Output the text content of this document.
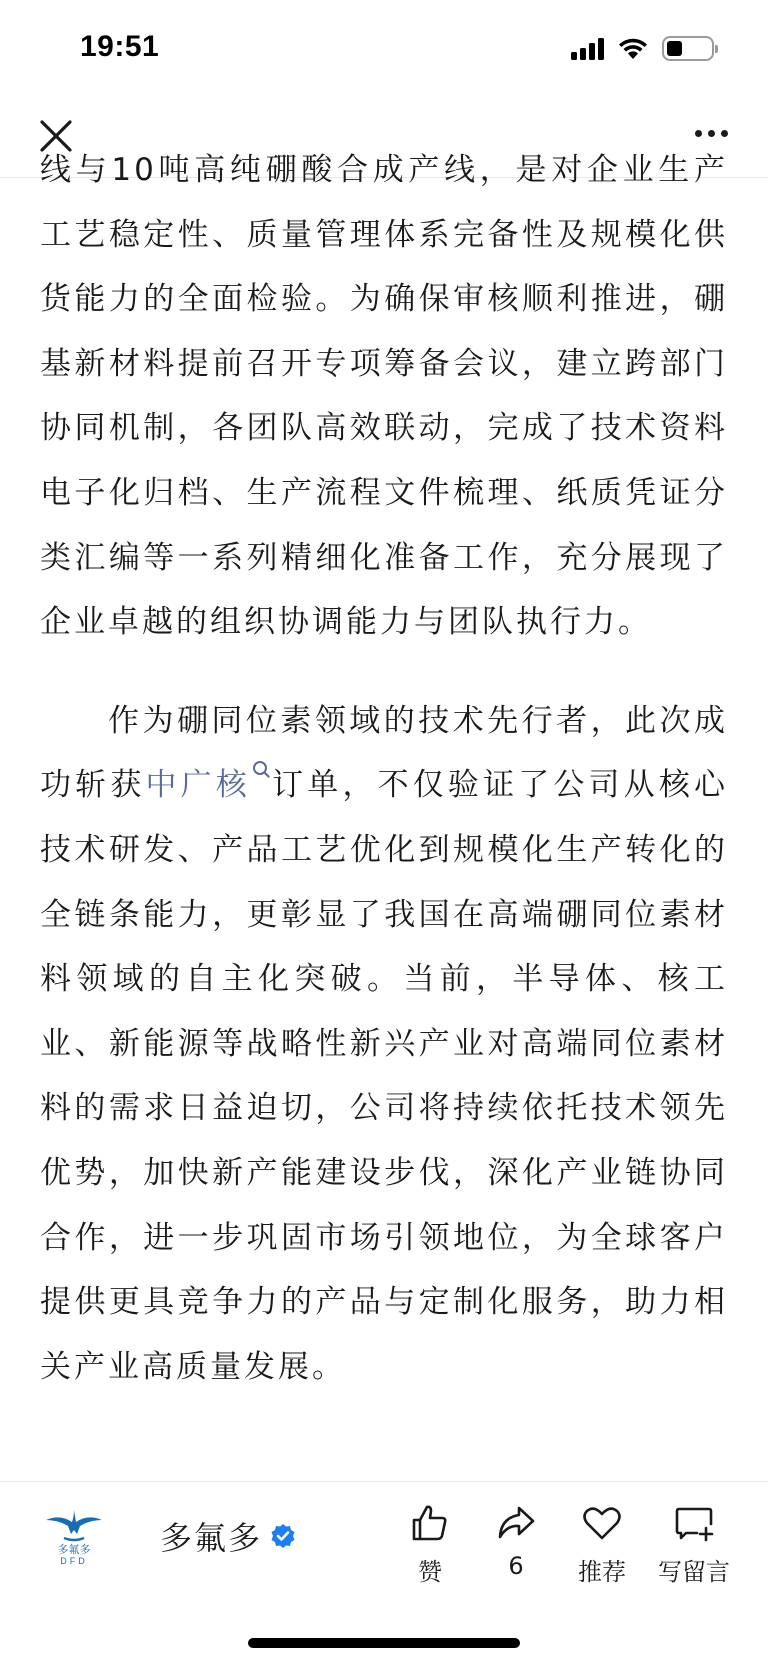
19:51

线与10吨高纯硼酸合成产线，是对企业生产工艺稳定性、质量管理体系完备性及规模化供货能力的全面检验。为确保审核顺利推进，硼基新材料提前召开专项筹备会议，建立跨部门协同机制，各团队高效联动，完成了技术资料电子化归档、生产流程文件梳理、纸质凭证分类汇编等一系列精细化准备工作，充分展现了企业卓越的组织协调能力与团队执行力。

作为硼同位素领域的技术先行者，此次成功斩获中广核 订单，不仅验证了公司从核心技术研发、产品工艺优化到规模化生产转化的全链条能力，更彰显了我国在高端硼同位素材料领域的自主化突破。当前，半导体、核工业、新能源等战略性新兴产业对高端同位素材料的需求日益迫切，公司将持续依托技术领先优势，加快新产能建设步伐，深化产业链协同合作，进一步巩固市场引领地位，为全球客户提供更具竞争力的产品与定制化服务，助力相关产业高质量发展。

多氟多
DFD
多氟多
赞	6 推荐 写留言
